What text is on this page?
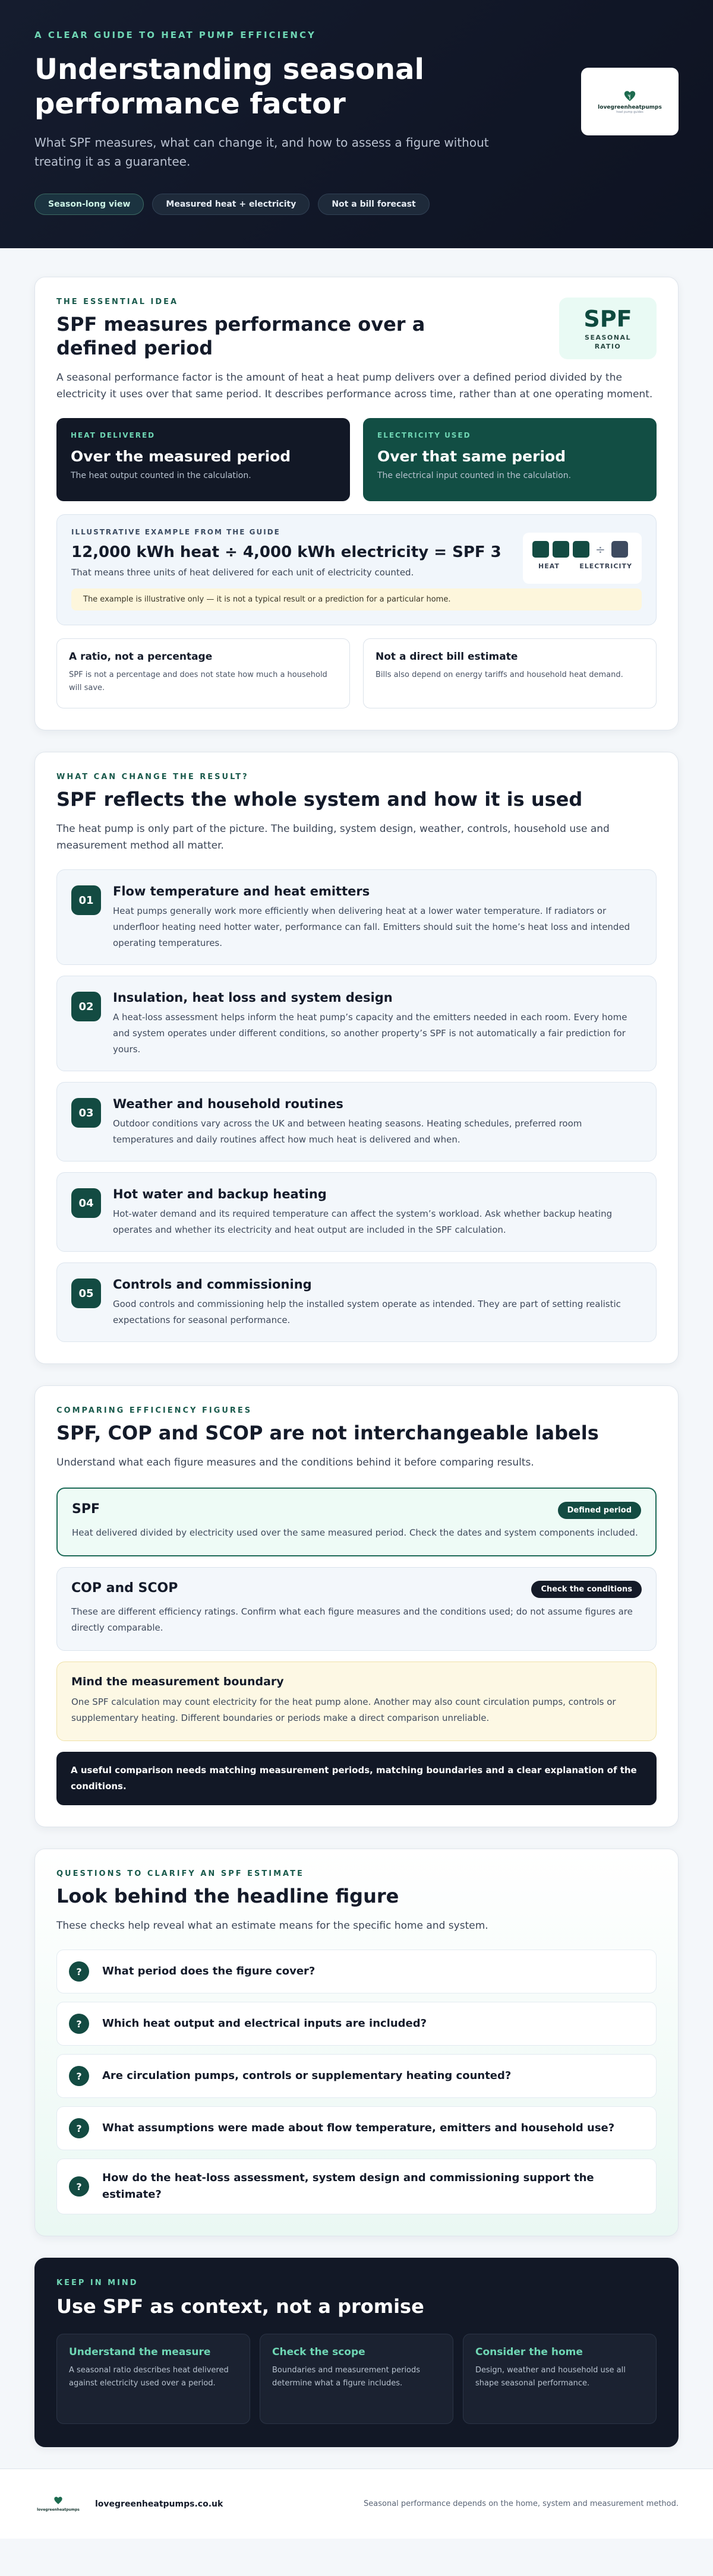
A CLEAR GUIDE TO HEAT PUMP EFFICIENCY
Understanding seasonal performance factor

What SPF measures, what can change it, and how to assess a figure without treating it as a guarantee.

Season-long view	Measured heat + electricity	Not a bill forecast
lovegreenheatpumps
heat pump guides
THE ESSENTIAL IDEA
SPF measures performance over a defined period
SPF
SEASONAL
RATIO

A seasonal performance factor is the amount of heat a heat pump delivers over a defined period divided by the electricity it uses over that same period. It describes performance across time, rather than at one operating moment.

HEAT DELIVERED
Over the measured period

The heat output counted in the calculation.

ELECTRICITY USED
Over that same period

The electrical input counted in the calculation.

ILLUSTRATIVE EXAMPLE FROM THE GUIDE
12,000 kWh heat ÷ 4,000 kWh electricity = SPF 3

That means three units of heat delivered for each unit of electricity counted.

The example is illustrative only — it is not a typical result or a prediction for a particular home.
÷
HEAT	ELECTRICITY
A ratio, not a percentage

SPF is not a percentage and does not state how much a household will save.

Not a direct bill estimate

Bills also depend on energy tariffs and household heat demand.

WHAT CAN CHANGE THE RESULT?
SPF reflects the whole system and how it is used

The heat pump is only part of the picture. The building, system design, weather, controls, household use and measurement method all matter.

01
Flow temperature and heat emitters

Heat pumps generally work more efficiently when delivering heat at a lower water temperature. If radiators or underfloor heating need hotter water, performance can fall. Emitters should suit the home’s heat loss and intended operating temperatures.

02
Insulation, heat loss and system design

A heat-loss assessment helps inform the heat pump’s capacity and the emitters needed in each room. Every home and system operates under different conditions, so another property’s SPF is not automatically a fair prediction for yours.

03
Weather and household routines

Outdoor conditions vary across the UK and between heating seasons. Heating schedules, preferred room temperatures and daily routines affect how much heat is delivered and when.

04
Hot water and backup heating

Hot-water demand and its required temperature can affect the system’s workload. Ask whether backup heating operates and whether its electricity and heat output are included in the SPF calculation.

05
Controls and commissioning

Good controls and commissioning help the installed system operate as intended. They are part of setting realistic expectations for seasonal performance.

COMPARING EFFICIENCY FIGURES
SPF, COP and SCOP are not interchangeable labels

Understand what each figure measures and the conditions behind it before comparing results.

SPF	Defined period

Heat delivered divided by electricity used over the same measured period. Check the dates and system components included.

COP and SCOP	Check the conditions

These are different efficiency ratings. Confirm what each figure measures and the conditions used; do not assume figures are directly comparable.

Mind the measurement boundary

One SPF calculation may count electricity for the heat pump alone. Another may also count circulation pumps, controls or supplementary heating. Different boundaries or periods make a direct comparison unreliable.

A useful comparison needs matching measurement periods, matching boundaries and a clear explanation of the conditions.
QUESTIONS TO CLARIFY AN SPF ESTIMATE
Look behind the headline figure

These checks help reveal what an estimate means for the specific home and system.

?	What period does the figure cover?
?	Which heat output and electrical inputs are included?
?	Are circulation pumps, controls or supplementary heating counted?
?	What assumptions were made about flow temperature, emitters and household use?
?
How do the heat-loss assessment, system design and commissioning support the estimate?
KEEP IN MIND
Use SPF as context, not a promise
Understand the measure

A seasonal ratio describes heat delivered against electricity used over a period.

Check the scope

Boundaries and measurement periods determine what a figure includes.

Consider the home

Design, weather and household use all shape seasonal performance.

lovegreenheatpumps
lovegreenheatpumps.co.uk	Seasonal performance depends on the home, system and measurement method.
